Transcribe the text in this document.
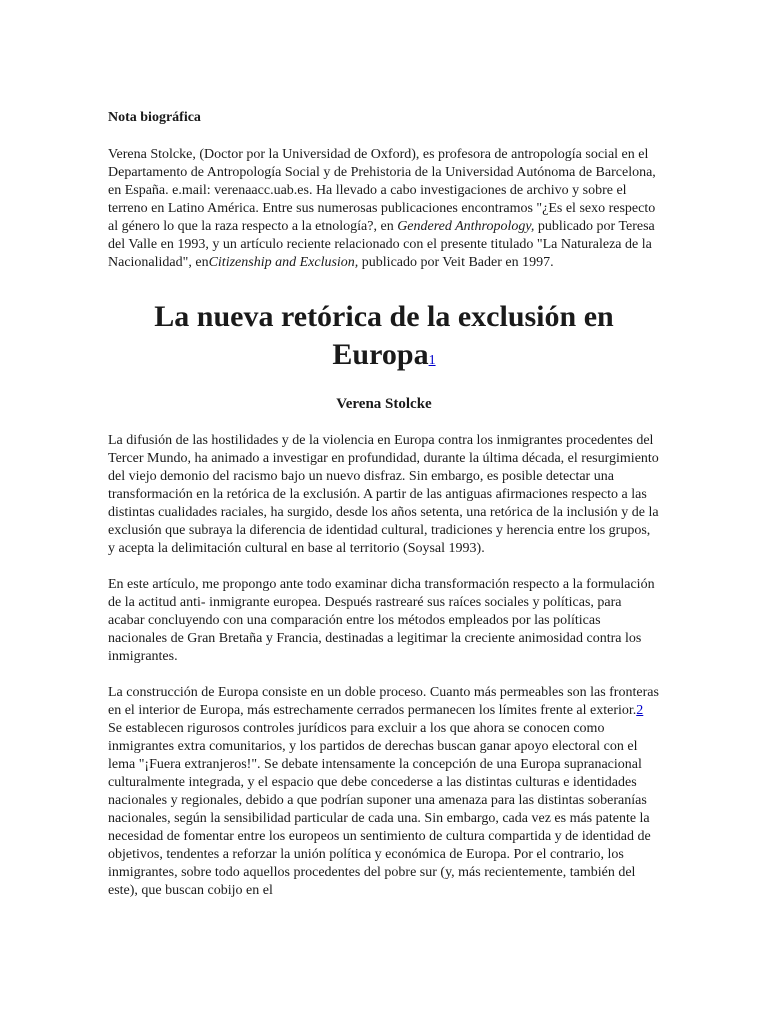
Nota biográfica

Verena Stolcke, (Doctor por la Universidad de Oxford), es profesora de antropología social en el Departamento de Antropología Social y de Prehistoria de la Universidad Autónoma de Barcelona, en España. e.mail: verenaacc.uab.es. Ha llevado a cabo investigaciones de archivo y sobre el terreno en Latino América. Entre sus numerosas publicaciones encontramos "¿Es el sexo respecto al género lo que la raza respecto a la etnología?, en Gendered Anthropology, publicado por Teresa del Valle en 1993, y un artículo reciente relacionado con el presente titulado "La Naturaleza de la Nacionalidad", enCitizenship and Exclusion, publicado por Veit Bader en 1997.

La nueva retórica de la exclusión en Europa1
Verena Stolcke

La difusión de las hostilidades y de la violencia en Europa contra los inmigrantes procedentes del Tercer Mundo, ha animado a investigar en profundidad, durante la última década, el resurgimiento del viejo demonio del racismo bajo un nuevo disfraz. Sin embargo, es posible detectar una transformación en la retórica de la exclusión. A partir de las antiguas afirmaciones respecto a las distintas cualidades raciales, ha surgido, desde los años setenta, una retórica de la inclusión y de la exclusión que subraya la diferencia de identidad cultural, tradiciones y herencia entre los grupos, y acepta la delimitación cultural en base al territorio (Soysal 1993).

En este artículo, me propongo ante todo examinar dicha transformación respecto a la formulación de la actitud anti- inmigrante europea. Después rastrearé sus raíces sociales y políticas, para acabar concluyendo con una comparación entre los métodos empleados por las políticas nacionales de Gran Bretaña y Francia, destinadas a legitimar la creciente animosidad contra los inmigrantes.

La construcción de Europa consiste en un doble proceso. Cuanto más permeables son las fronteras en el interior de Europa, más estrechamente cerrados permanecen los límites frente al exterior.2 Se establecen rigurosos controles jurídicos para excluir a los que ahora se conocen como inmigrantes extra comunitarios, y los partidos de derechas buscan ganar apoyo electoral con el lema "¡Fuera extranjeros!". Se debate intensamente la concepción de una Europa supranacional culturalmente integrada, y el espacio que debe concederse a las distintas culturas e identidades nacionales y regionales, debido a que podrían suponer una amenaza para las distintas soberanías nacionales, según la sensibilidad particular de cada una. Sin embargo, cada vez es más patente la necesidad de fomentar entre los europeos un sentimiento de cultura compartida y de identidad de objetivos, tendentes a reforzar la unión política y económica de Europa. Por el contrario, los inmigrantes, sobre todo aquellos procedentes del pobre sur (y, más recientemente, también del este), que buscan cobijo en el
